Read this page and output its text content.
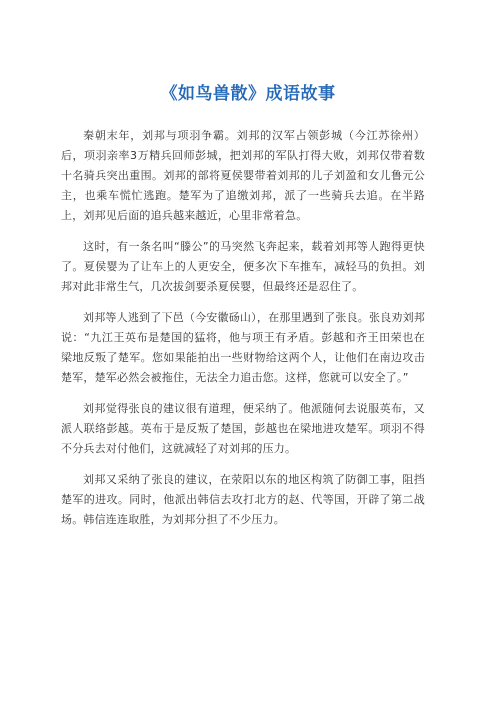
《如鸟兽散》成语故事

秦朝末年，刘邦与项羽争霸。刘邦的汉军占领彭城（今江苏徐州）后，项羽亲率3万精兵回师彭城，把刘邦的军队打得大败，刘邦仅带着数十名骑兵突出重围。刘邦的部将夏侯婴带着刘邦的儿子刘盈和女儿鲁元公主，也乘车慌忙逃跑。楚军为了追缴刘邦，派了一些骑兵去追。在半路上，刘邦见后面的追兵越来越近，心里非常着急。

这时，有一条名叫“滕公”的马突然飞奔起来，载着刘邦等人跑得更快了。夏侯婴为了让车上的人更安全，便多次下车推车，减轻马的负担。刘邦对此非常生气，几次拔剑要杀夏侯婴，但最终还是忍住了。

刘邦等人逃到了下邑（今安徽砀山），在那里遇到了张良。张良劝刘邦说：“九江王英布是楚国的猛将，他与项王有矛盾。彭越和齐王田荣也在梁地反叛了楚军。您如果能拍出一些财物给这两个人，让他们在南边攻击楚军，楚军必然会被拖住，无法全力追击您。这样，您就可以安全了。”

刘邦觉得张良的建议很有道理，便采纳了。他派随何去说服英布，又派人联络彭越。英布于是反叛了楚国，彭越也在梁地进攻楚军。项羽不得不分兵去对付他们，这就减轻了对刘邦的压力。

刘邦又采纳了张良的建议，在荥阳以东的地区构筑了防御工事，阻挡楚军的进攻。同时，他派出韩信去攻打北方的赵、代等国，开辟了第二战场。韩信连连取胜，为刘邦分担了不少压力。
